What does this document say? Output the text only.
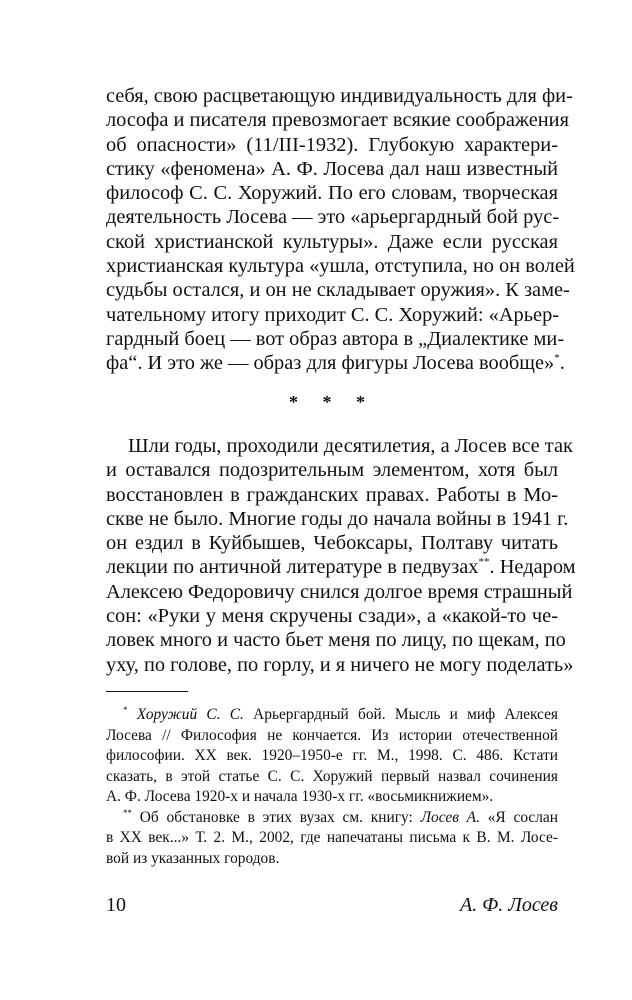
себя, свою расцветающую индивидуальность для фи-
лософа и писателя превозмогает всякие соображения
об опасности» (11/III-1932). Глубокую характери-
стику «феномена» А. Ф. Лосева дал наш известный
философ С. С. Хоружий. По его словам, творческая
деятельность Лосева — это «арьергардный бой рус-
ской христианской культуры». Даже если русская
христианская культура «ушла, отступила, но он волей
судьбы остался, и он не складывает оружия». К заме-
чательному итогу приходит С. С. Хоружий: «Арьер-
гардный боец — вот образ автора в „Диалектике ми-
фа“. И это же — образ для фигуры Лосева вообще»*.
* * *
Шли годы, проходили десятилетия, а Лосев все так
и оставался подозрительным элементом, хотя был
восстановлен в гражданских правах. Работы в Мо-
скве не было. Многие годы до начала войны в 1941 г.
он ездил в Куйбышев, Чебоксары, Полтаву читать
лекции по античной литературе в педвузах**. Недаром
Алексею Федоровичу снился долгое время страшный
сон: «Руки у меня скручены сзади», а «какой-то че-
ловек много и часто бьет меня по лицу, по щекам, по
уху, по голове, по горлу, и я ничего не могу поделать»
* Хоружий С. С. Арьергардный бой. Мысль и миф Алексея
Лосева // Философия не кончается. Из истории отечественной
философии. XX век. 1920–1950-е гг. М., 1998. С. 486. Кстати
сказать, в этой статье С. С. Хоружий первый назвал сочинения
А. Ф. Лосева 1920-х и начала 1930-х гг. «восьмикнижием».
** Об обстановке в этих вузах см. книгу: Лосев А. «Я сослан
в XX век...» Т. 2. М., 2002, где напечатаны письма к В. М. Лосе-
вой из указанных городов.
10	А. Ф. Лосев
